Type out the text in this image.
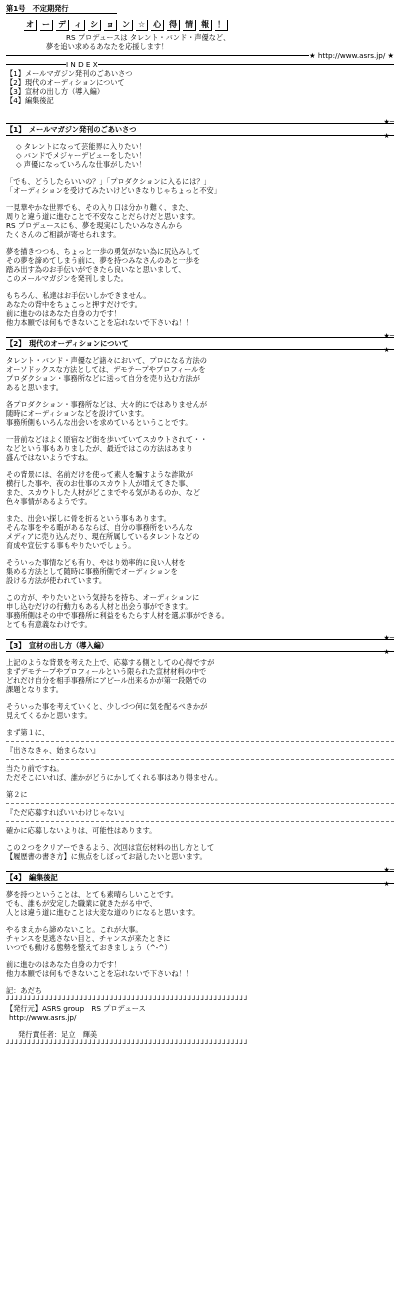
第1号　不定期発行
オ	ー	デ	ィ	シ	ョ	ン	☆	心	得	情	報	！
RS プロデュースは タレント・バンド・声優など、
夢を追い求めるあなたを応援します！
★ http://www.asrs.jp/ ★
I N D E X
【1】メールマガジン発刊のごあいさつ
【2】現代のオーディションについて
【3】宣材の出し方（導入編）
【4】編集後記
★─
【1】　メールマガジン発刊のごあいさつ
★─
◇ タレントになって芸能界に入りたい！
◇ バンドでメジャーデビューをしたい！
◇ 声優になっていろんな仕事がしたい！
「でも、どうしたらいいの？」「プロダクションに入るには？」
「オーディションを受けてみたいけどいきなりじゃちょっと不安」
一見華やかな世界でも、その入り口は分かり難く、また、
周りと違う道に進むことで不安なことだらけだと思います。
RS プロデュースにも、夢を現実にしたいみなさんから
たくさんのご相談が寄せられます。
夢を描きつつも、ちょっと一歩の勇気がない為に尻込みして
その夢を諦めてしまう前に、夢を持つみなさんのあと一歩を
踏み出す為のお手伝いができたら良いなと思いまして、
このメールマガジンを発刊しました。
もちろん、私達はお手伝いしかできません。
あなたの背中をちょこっと押すだけです。
前に進むのはあなた自身の力です！
他力本願では何もできないことを忘れないで下さいね！！
★─
【2】　現代のオーディションについて
★─
タレント・バンド・声優など諸々において、プロになる方法の
オーソドックスな方法としては、デモテープやプロフィールを
プロダクション・事務所などに送って自分を売り込む方法が
あると思います。
各プロダクション・事務所などは、大々的にではありませんが
随時にオーディションなどを設けています。
事務所側もいろんな出会いを求めているということです。
一昔前などはよく原宿など街を歩いていてスカウトされて・・
などという事もありましたが、最近ではこの方法はあまり
盛んではないようですね。
その背景には、名前だけを使って素人を騙すような詐欺が
横行した事や、夜のお仕事のスカウト人が増えてきた事、
また、スカウトした人材がどこまでやる気があるのか、など
色々事情があるようです。
また、出会い探しに骨を折るという事もあります。
そんな事をやる暇があるならば、自分の事務所をいろんな
メディアに売り込んだり、現在所属しているタレントなどの
育成や宣伝する事もやりたいでしょう。
そういった事情なども有り、やはり効率的に良い人材を
集める方法として随時に事務所側でオーディションを
設ける方法が使われています。
この方が、やりたいという気持ちを持ち、オーディションに
申し込むだけの行動力もある人材と出会う事ができます。
事務所側はその中で事務所に利益をもたらす人材を選ぶ事ができる。
とても有意義なわけです。
★─
【3】　宣材の出し方（導入編）
★─
上記のような背景を考えた上で、応募する側としての心得ですが
まずデモテープやプロフィールという限られた宣材材料の中で
どれだけ自分を相手事務所にアピール出来るかが第一段階での
課題となります。
そういった事を考えていくと、少しづつ何に気を配るべきかが
見えてくるかと思います。
まず第１に、
『出さなきゃ、始まらない』
当たり前ですね。
ただそこにいれば、誰かがどうにかしてくれる事はあり得ません。
第２に
『ただ応募すればいいわけじゃない』
確かに応募しないよりは、可能性はあります。
この２つをクリアーできるよう、次回は宣伝材料の出し方として
【履歴書の書き方】に焦点をしぼってお話したいと思います。
★─
【4】　編集後記
★─
夢を持つということは、とても素晴らしいことです。
でも、誰もが安定した職業に就きたがる中で、
人とは違う道に進むことは大変な道のりになると思います。
やるまえから諦めないこと。これが大事。
チャンスを見逃さない目と、チャンスが来たときに
いつでも動ける態勢を整えておきましょう（^-^）
前に進むのはあなた自身の力です！
他力本願では何もできないことを忘れないで下さいね！！
記：あだち
┘┘┘┘┘┘┘┘┘┘┘┘┘┘┘┘┘┘┘┘┘┘┘┘┘┘┘┘┘┘┘┘┘┘┘┘┘┘┘┘┘┘┘┘┘┘┘┘┘┘┘┘┘┘┘┘
【発行元】ASRS group　RS プロデュース
http://www.asrs.jp/
発行責任者：足立　輝美
┘┘┘┘┘┘┘┘┘┘┘┘┘┘┘┘┘┘┘┘┘┘┘┘┘┘┘┘┘┘┘┘┘┘┘┘┘┘┘┘┘┘┘┘┘┘┘┘┘┘┘┘┘┘┘┘
